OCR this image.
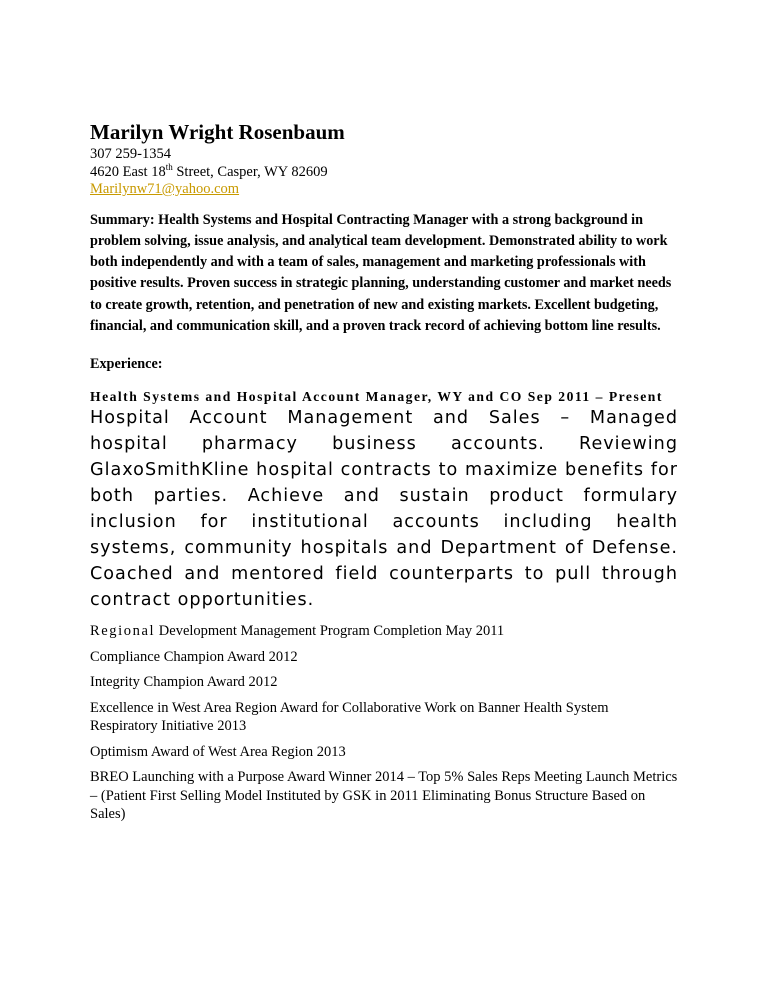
Marilyn Wright Rosenbaum
307 259-1354
4620 East 18th Street, Casper, WY 82609
Marilynw71@yahoo.com
Summary: Health Systems and Hospital Contracting Manager with a strong background in problem solving, issue analysis, and analytical team development. Demonstrated ability to work both independently and with a team of sales, management and marketing professionals with positive results. Proven success in strategic planning, understanding customer and market needs to create growth, retention, and penetration of new and existing markets. Excellent budgeting, financial, and communication skill, and a proven track record of achieving bottom line results.
Experience:
Health Systems and Hospital Account Manager, WY and CO Sep 2011 – Present
Hospital Account Management and Sales – Managed hospital pharmacy business accounts. Reviewing GlaxoSmithKline hospital contracts to maximize benefits for both parties. Achieve and sustain product formulary inclusion for institutional accounts including health systems, community hospitals and Department of Defense. Coached and mentored field counterparts to pull through contract opportunities.
Regional Development Management Program Completion May 2011
Compliance Champion Award 2012
Integrity Champion Award 2012
Excellence in West Area Region Award for Collaborative Work on Banner Health System Respiratory Initiative 2013
Optimism Award of West Area Region 2013
BREO Launching with a Purpose Award Winner 2014 – Top 5% Sales Reps Meeting Launch Metrics – (Patient First Selling Model Instituted by GSK in 2011 Eliminating Bonus Structure Based on Sales)
